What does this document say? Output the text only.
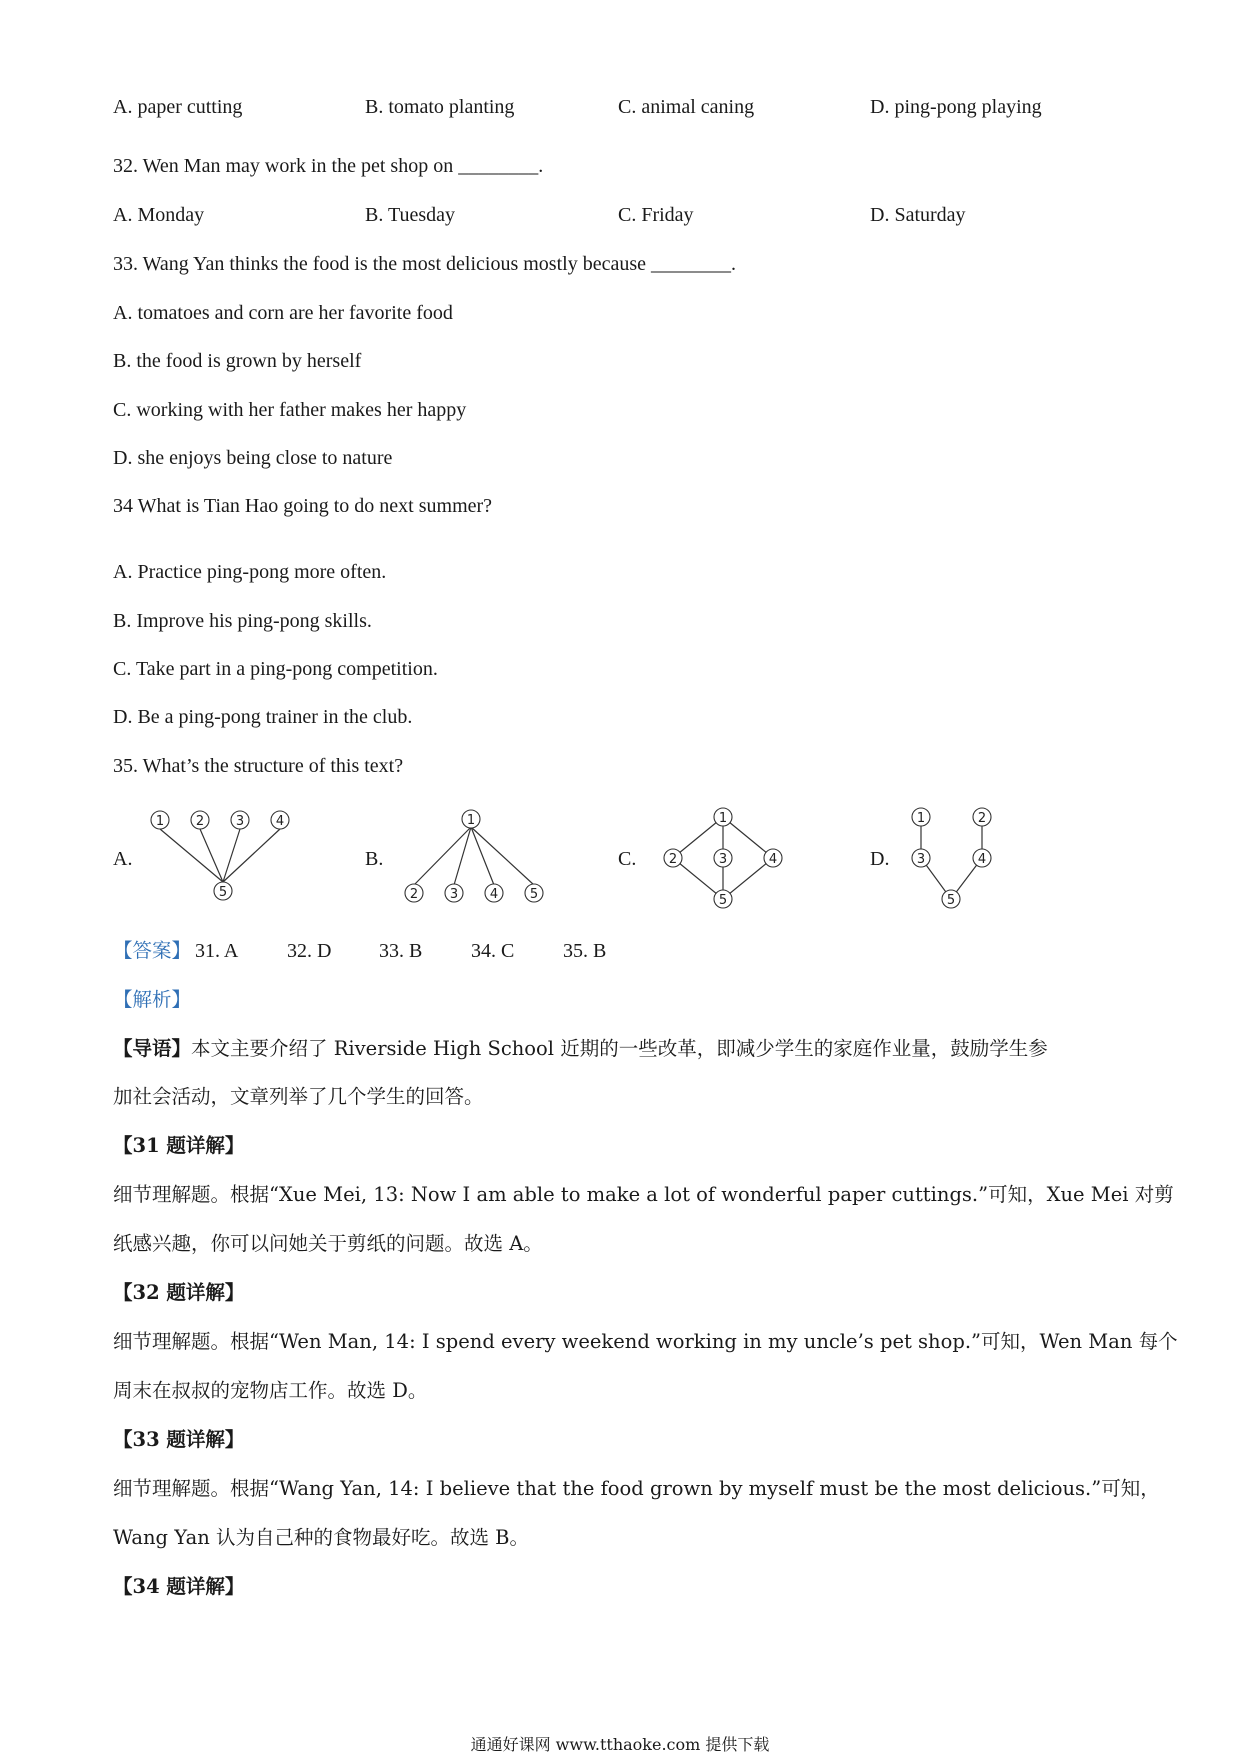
A. paper cutting	B. tomato planting	C. animal caning	D. ping-pong playing
32. Wen Man may work in the pet shop on ________.
A. Monday	B. Tuesday	C. Friday	D. Saturday
33. Wang Yan thinks the food is the most delicious mostly because ________.
A. tomatoes and corn are her favorite food
B. the food is grown by herself
C. working with her father makes her happy
D. she enjoys being close to nature
34 What is Tian Hao going to do next summer?
A. Practice ping-pong more often.
B. Improve his ping-pong skills.
C. Take part in a ping-pong competition.
D. Be a ping-pong trainer in the club.
35. What’s the structure of this text?
A.	B.	C.	D.
1 2 3 4
5
1
2 3 4 5
1
2	3	4
5
1	2
3	4
5
【答案】 31. A 32. D 33. B 34. C 35. B
【解析】
【导语】本文主要介绍了 Riverside High School 近期的一些改革，即减少学生的家庭作业量，鼓励学生参
加社会活动，文章列举了几个学生的回答。
【31 题详解】
细节理解题。根据“Xue Mei, 13: Now I am able to make a lot of wonderful paper cuttings.”可知，Xue Mei 对剪
纸感兴趣，你可以问她关于剪纸的问题。故选 A。
【32 题详解】
细节理解题。根据“Wen Man, 14: I spend every weekend working in my uncle’s pet shop.”可知，Wen Man 每个
周末在叔叔的宠物店工作。故选 D。
【33 题详解】
细节理解题。根据“Wang Yan, 14: I believe that the food grown by myself must be the most delicious.”可知，
Wang Yan 认为自己种的食物最好吃。故选 B。
【34 题详解】
通通好课网 www.tthaoke.com 提供下载
